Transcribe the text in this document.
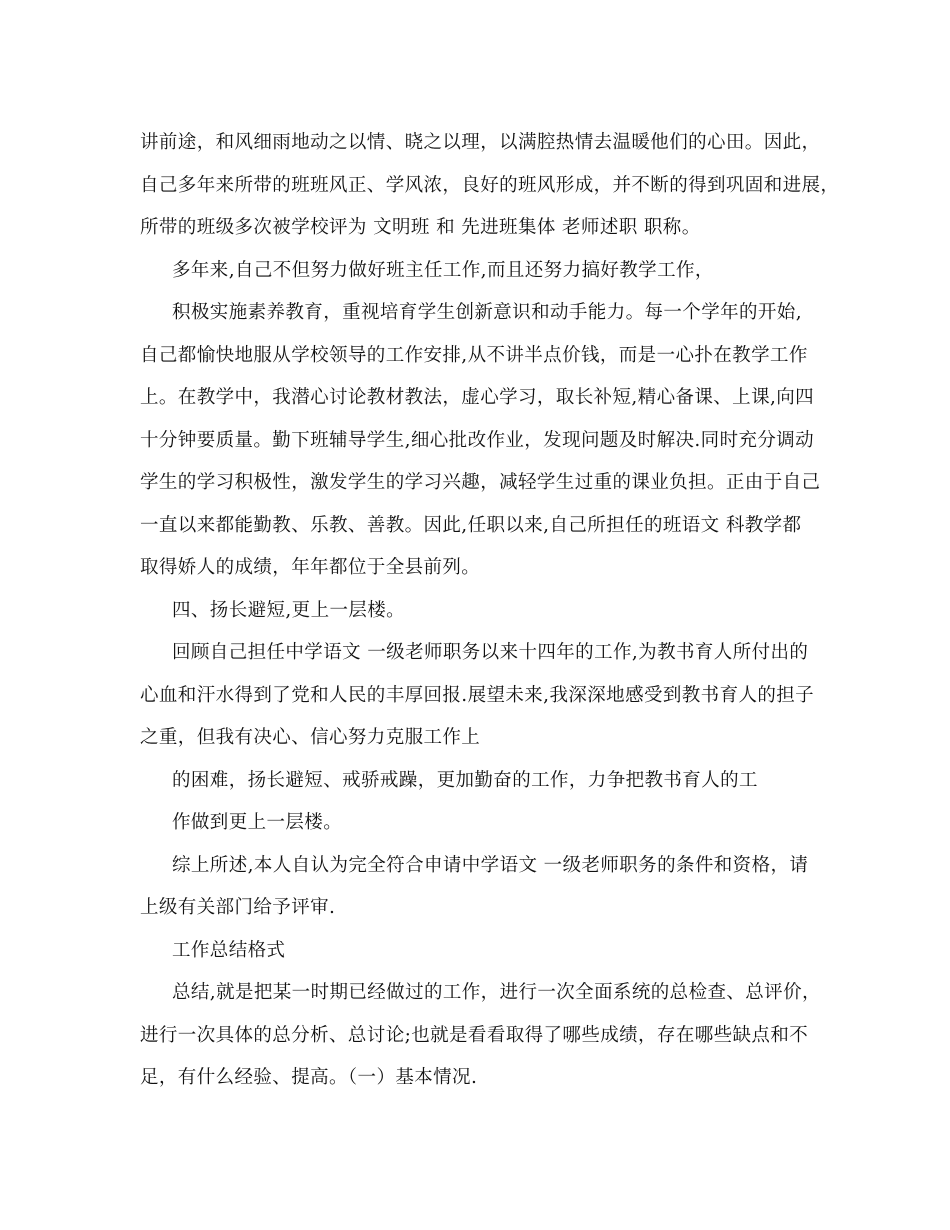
讲前途，和风细雨地动之以情、晓之以理，以满腔热情去温暖他们的心田。因此，
自己多年来所带的班班风正、学风浓，良好的班风形成，并不断的得到巩固和进展，
所带的班级多次被学校评为 文明班 和 先进班集体 老师述职 职称。
多年来,自己不但努力做好班主任工作,而且还努力搞好教学工作，
积极实施素养教育，重视培育学生创新意识和动手能力。每一个学年的开始,
自己都愉快地服从学校领导的工作安排,从不讲半点价钱，而是一心扑在教学工作
上。在教学中，我潜心讨论教材教法，虚心学习，取长补短,精心备课、上课,向四
十分钟要质量。勤下班辅导学生,细心批改作业，发现问题及时解决.同时充分调动
学生的学习积极性，激发学生的学习兴趣，减轻学生过重的课业负担。正由于自己
一直以来都能勤教、乐教、善教。因此,任职以来,自己所担任的班语文 科教学都
取得娇人的成绩，年年都位于全县前列。
四、扬长避短,更上一层楼。
回顾自己担任中学语文 一级老师职务以来十四年的工作,为教书育人所付出的
心血和汗水得到了党和人民的丰厚回报.展望未来,我深深地感受到教书育人的担子
之重，但我有决心、信心努力克服工作上
的困难，扬长避短、戒骄戒躁，更加勤奋的工作，力争把教书育人的工
作做到更上一层楼。
综上所述,本人自认为完全符合申请中学语文 一级老师职务的条件和资格，请
上级有关部门给予评审.
工作总结格式
总结,就是把某一时期已经做过的工作，进行一次全面系统的总检查、总评价，
进行一次具体的总分析、总讨论;也就是看看取得了哪些成绩，存在哪些缺点和不
足，有什么经验、提高。（一）基本情况.
